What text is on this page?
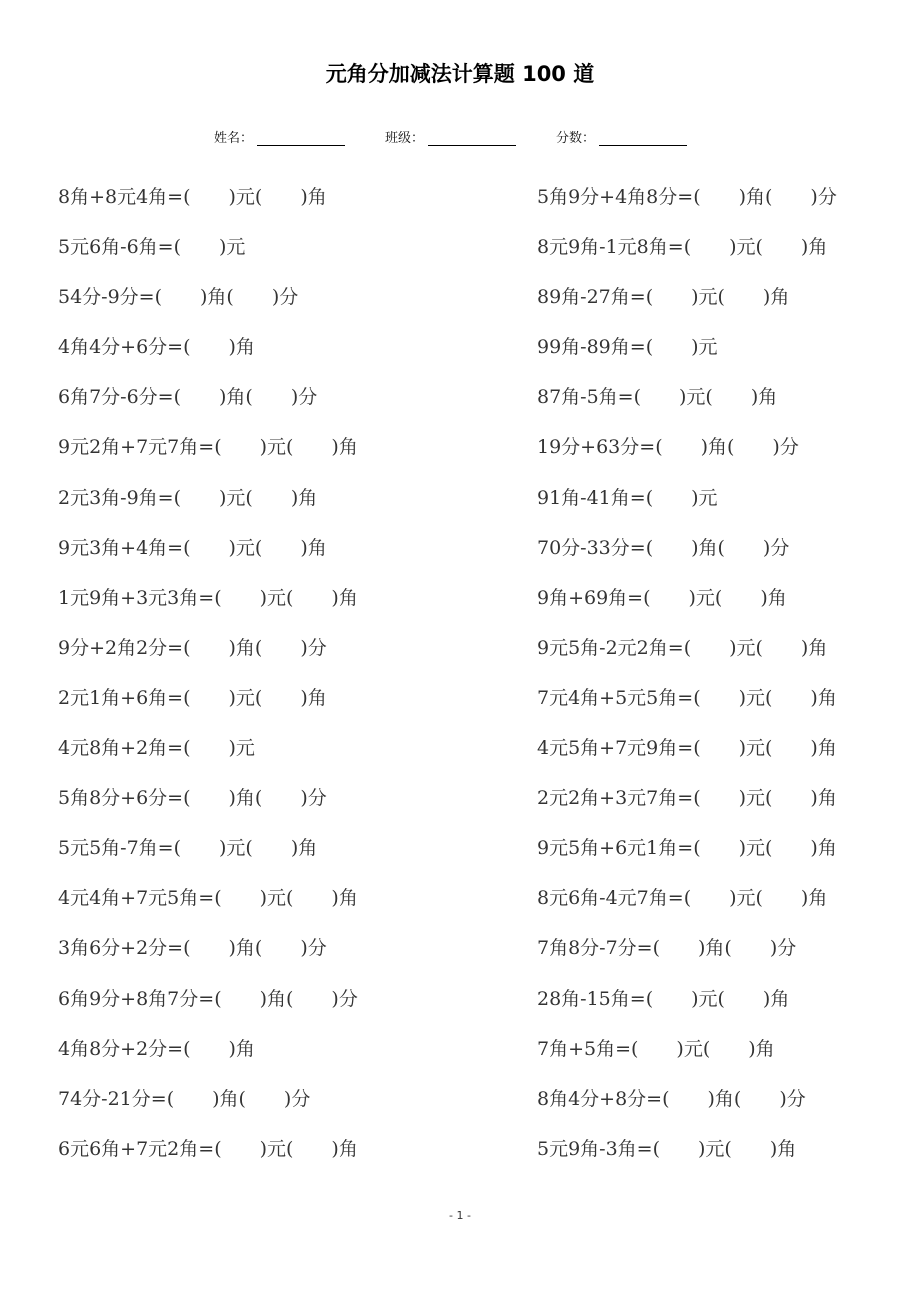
元角分加减法计算题 100 道
姓名：	班级：	分数：
8角+8元4角=(　　)元(　　)角
5元6角-6角=(　　)元
54分-9分=(　　)角(　　)分
4角4分+6分=(　　)角
6角7分-6分=(　　)角(　　)分
9元2角+7元7角=(　　)元(　　)角
2元3角-9角=(　　)元(　　)角
9元3角+4角=(　　)元(　　)角
1元9角+3元3角=(　　)元(　　)角
9分+2角2分=(　　)角(　　)分
2元1角+6角=(　　)元(　　)角
4元8角+2角=(　　)元
5角8分+6分=(　　)角(　　)分
5元5角-7角=(　　)元(　　)角
4元4角+7元5角=(　　)元(　　)角
3角6分+2分=(　　)角(　　)分
6角9分+8角7分=(　　)角(　　)分
4角8分+2分=(　　)角
74分-21分=(　　)角(　　)分
6元6角+7元2角=(　　)元(　　)角
5角9分+4角8分=(　　)角(　　)分
8元9角-1元8角=(　　)元(　　)角
89角-27角=(　　)元(　　)角
99角-89角=(　　)元
87角-5角=(　　)元(　　)角
19分+63分=(　　)角(　　)分
91角-41角=(　　)元
70分-33分=(　　)角(　　)分
9角+69角=(　　)元(　　)角
9元5角-2元2角=(　　)元(　　)角
7元4角+5元5角=(　　)元(　　)角
4元5角+7元9角=(　　)元(　　)角
2元2角+3元7角=(　　)元(　　)角
9元5角+6元1角=(　　)元(　　)角
8元6角-4元7角=(　　)元(　　)角
7角8分-7分=(　　)角(　　)分
28角-15角=(　　)元(　　)角
7角+5角=(　　)元(　　)角
8角4分+8分=(　　)角(　　)分
5元9角-3角=(　　)元(　　)角
- 1 -
